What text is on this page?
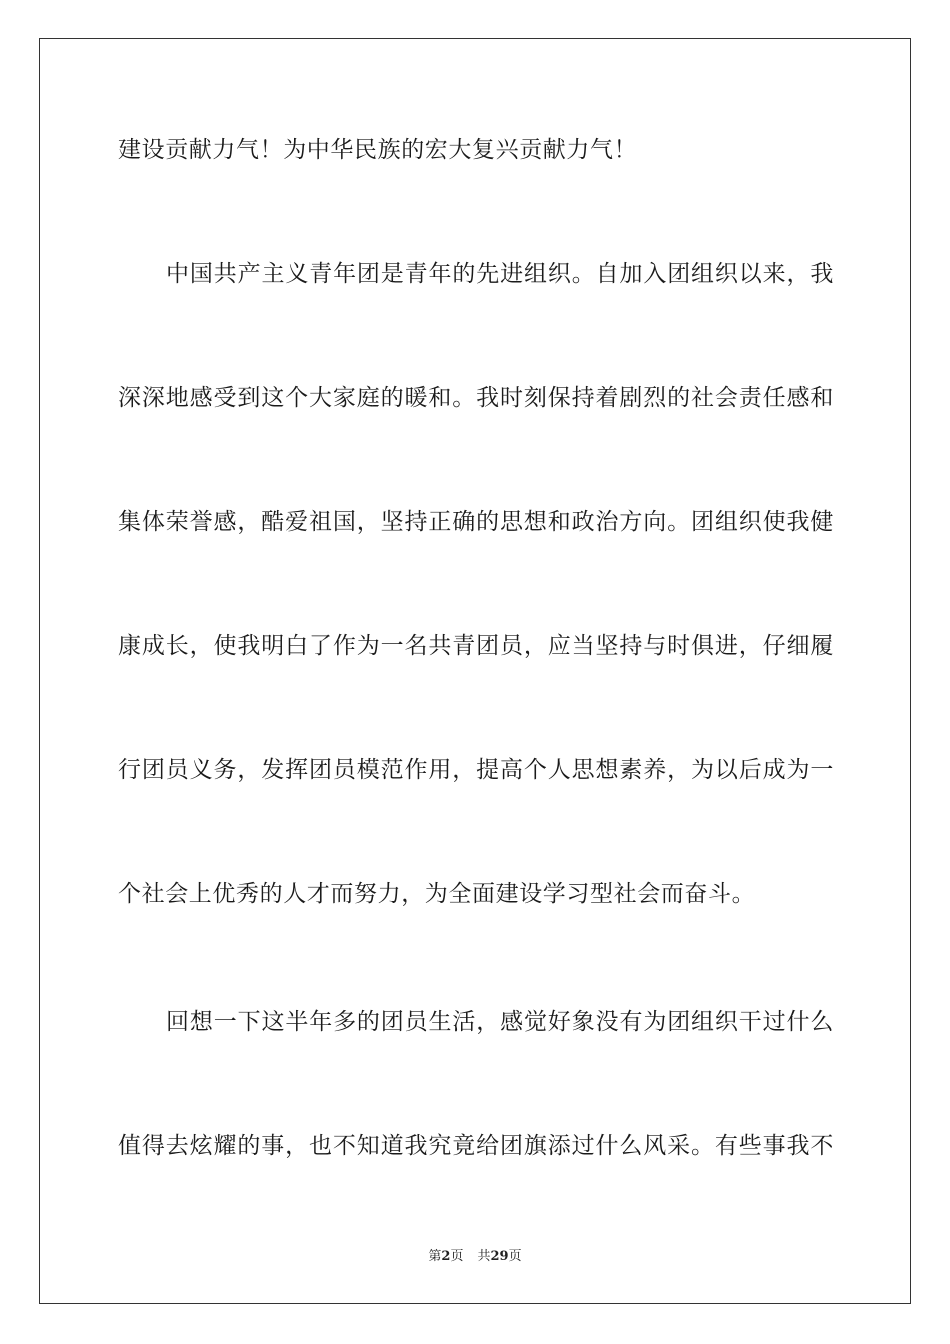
建设贡献力气！为中华民族的宏大复兴贡献力气！
中国共产主义青年团是青年的先进组织。自加入团组织以来，我
深深地感受到这个大家庭的暖和。我时刻保持着剧烈的社会责任感和
集体荣誉感，酷爱祖国，坚持正确的思想和政治方向。团组织使我健
康成长，使我明白了作为一名共青团员，应当坚持与时俱进，仔细履
行团员义务，发挥团员模范作用，提高个人思想素养，为以后成为一
个社会上优秀的人才而努力，为全面建设学习型社会而奋斗。
回想一下这半年多的团员生活，感觉好象没有为团组织干过什么
值得去炫耀的事，也不知道我究竟给团旗添过什么风采。有些事我不
第2页 共29页
